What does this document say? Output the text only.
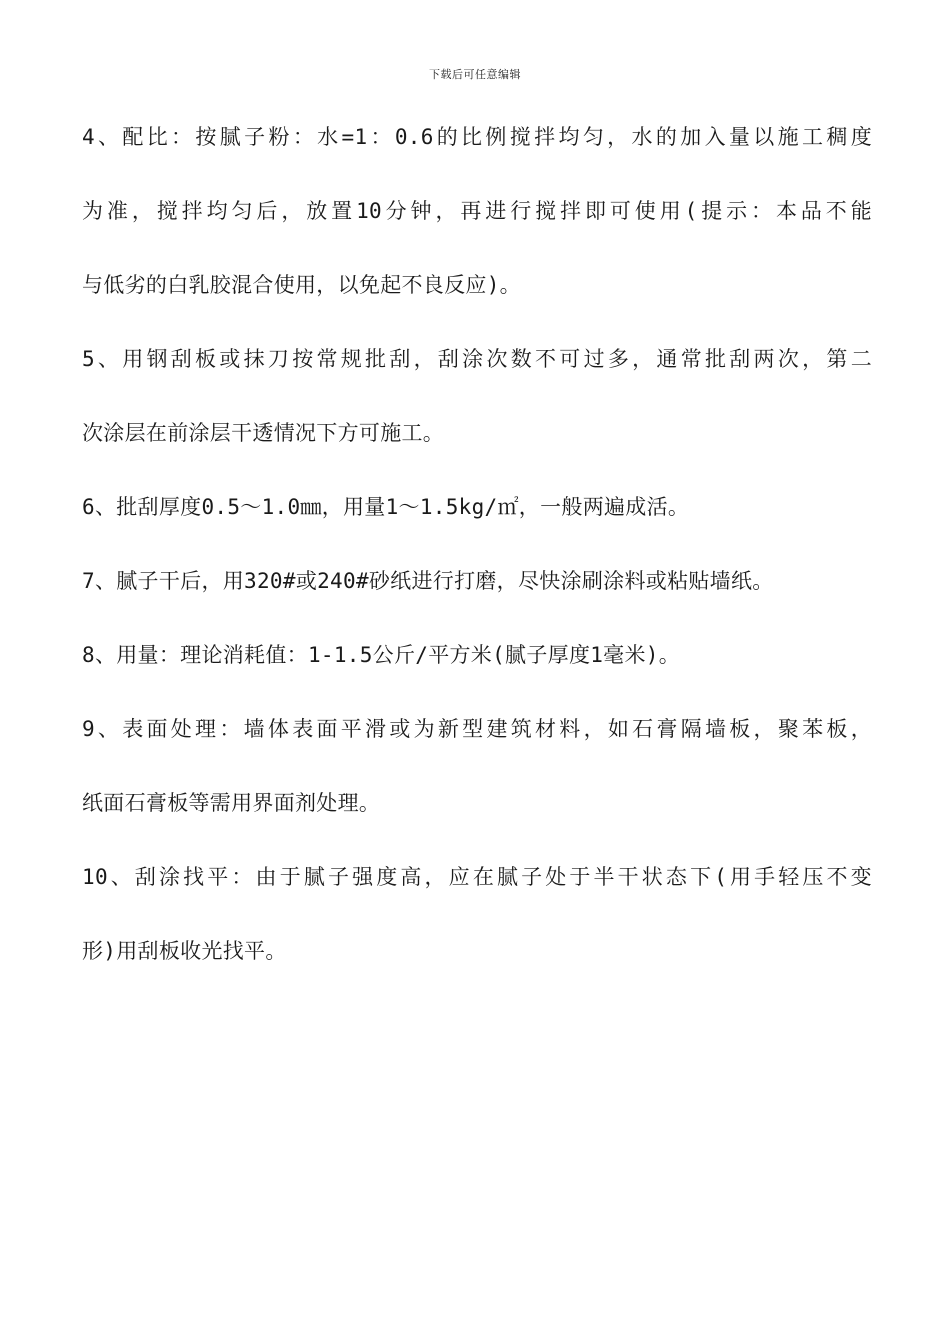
下载后可任意编辑
4、配比：按腻子粉：水=1：0.6的比例搅拌均匀，水的加入量以施工稠度
为准，搅拌均匀后，放置10分钟，再进行搅拌即可使用(提示：本品不能
与低劣的白乳胶混合使用，以免起不良反应)。
5、用钢刮板或抹刀按常规批刮，刮涂次数不可过多，通常批刮两次，第二
次涂层在前涂层干透情况下方可施工。
6、批刮厚度0.5～1.0㎜，用量1～1.5kg/㎡，一般两遍成活。
7、腻子干后，用320#或240#砂纸进行打磨，尽快涂刷涂料或粘贴墙纸。
8、用量：理论消耗值：1-1.5公斤/平方米(腻子厚度1毫米)。
9、表面处理：墙体表面平滑或为新型建筑材料，如石膏隔墙板，聚苯板，
纸面石膏板等需用界面剂处理。
10、刮涂找平：由于腻子强度高，应在腻子处于半干状态下(用手轻压不变
形)用刮板收光找平。
